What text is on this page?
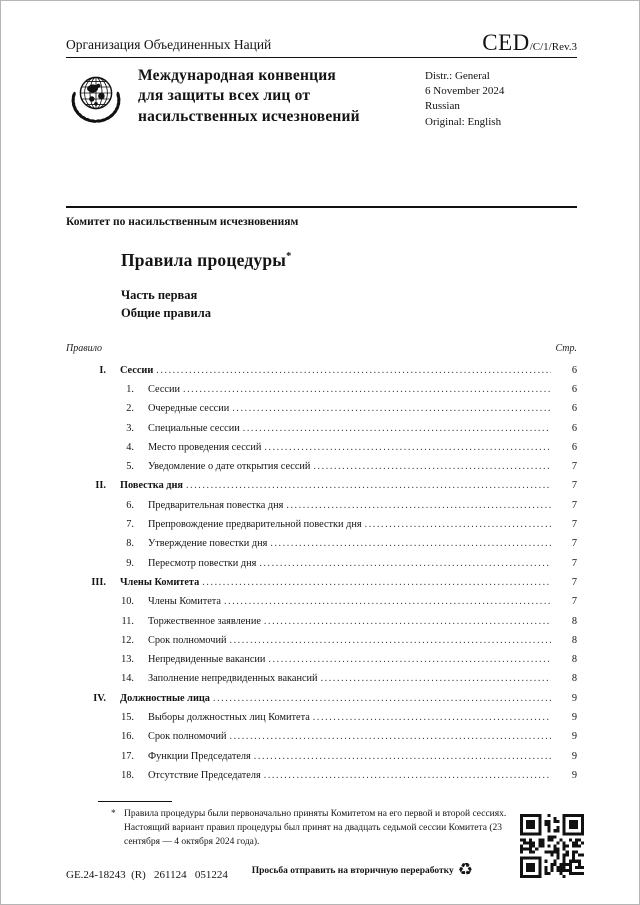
Организация Объединенных Наций	CED/C/1/Rev.3
Международная конвенция
для защиты всех лиц от
насильственных исчезновений
Distr.: General
6 November 2024
Russian
Original: English
Комитет по насильственным исчезновениям
Правила процедуры*
Часть первая
Общие правила
Правило	Стр.
I.	Сессии .....	6
1.	Сессии .....	6
2.	Очередные сессии .....	6
3.	Специальные сессии .....	6
4.	Место проведения сессий .....	6
5.	Уведомление о дате открытия сессий .....	7
II.	Повестка дня .....	7
6.	Предварительная повестка дня .....	7
7.	Препровождение предварительной повестки дня .....	7
8.	Утверждение повестки дня .....	7
9.	Пересмотр повестки дня .....	7
III.	Члены Комитета .....	7
10.	Члены Комитета .....	7
11.	Торжественное заявление .....	8
12.	Срок полномочий .....	8
13.	Непредвиденные вакансии .....	8
14.	Заполнение непредвиденных вакансий .....	8
IV.	Должностные лица .....	9
15.	Выборы должностных лиц Комитета .....	9
16.	Срок полномочий .....	9
17.	Функции Председателя .....	9
18.	Отсутствие Председателя .....	9
* Правила процедуры были первоначально приняты Комитетом на его первой и второй сессиях. Настоящий вариант правил процедуры был принят на двадцать седьмой сессии Комитета (23 сентября — 4 октября 2024 года).
GE.24-18243  (R)   261124   051224	Просьба отправить на вторичную переработку ♻
